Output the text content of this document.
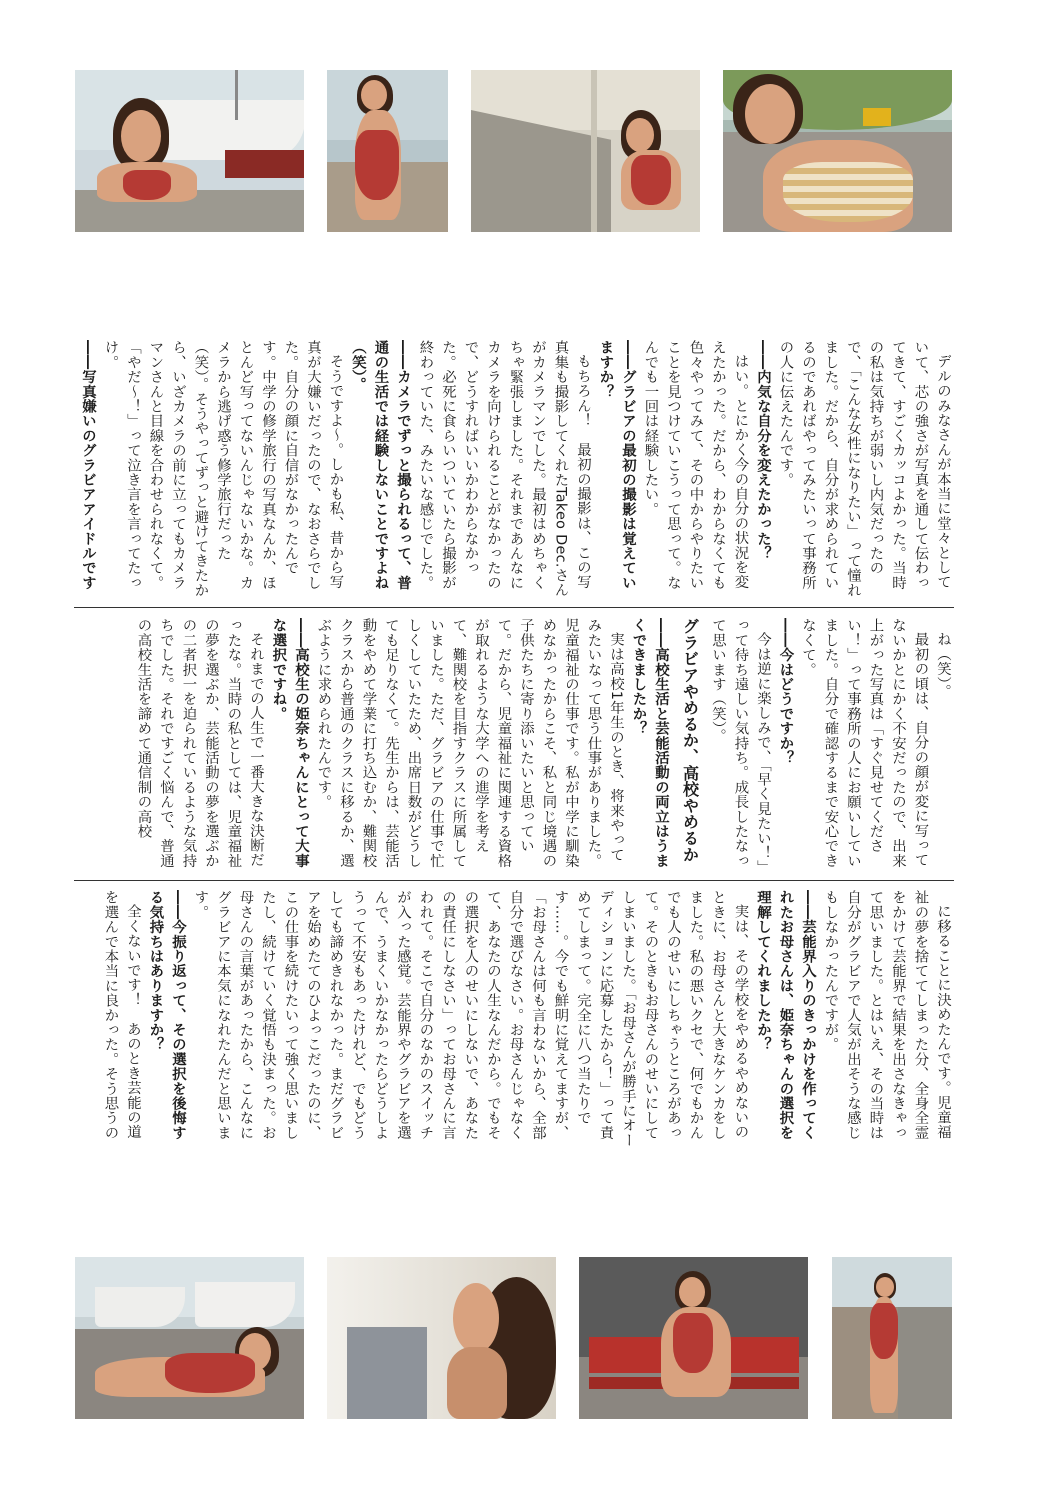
デルのみなさんが本当に堂々としていて、芯の強さが写真を通して伝わってきて、すごくカッコよかった。当時の私は気持ちが弱いし内気だったので、「こんな女性になりたい」って憧れました。だから、自分が求められているのであればやってみたいって事務所の人に伝えたんです。

――内気な自分を変えたかった？

はい。とにかく今の自分の状況を変えたかった。だから、わからなくても色々やってみて、その中からやりたいことを見つけていこうって思って。なんでも一回は経験したい。

――グラビアの最初の撮影は覚えていますか？

もちろん！　最初の撮影は、この写真集も撮影してくれたTakeo Dec.さんがカメラマンでした。最初はめちゃくちゃ緊張しました。それまであんなにカメラを向けられることがなかったので、どうすればいいかわからなかった。必死に食らいついていたら撮影が終わっていた、みたいな感じでした。

――カメラでずっと撮られるって、普通の生活では経験しないことですよね（笑）。

そうですよ～。しかも私、昔から写真が大嫌いだったので、なおさらでした。自分の顔に自信がなかったんです。中学の修学旅行の写真なんか、ほとんど写ってないんじゃないかな。カメラから逃げ惑う修学旅行だった（笑）。そうやってずっと避けてきたから、いざカメラの前に立ってもカメラマンさんと目線を合わせられなくて。「やだ～！」って泣き言を言ってたっけ。

――写真嫌いのグラビアアイドルです

ね（笑）。

最初の頃は、自分の顔が変に写ってないかとにかく不安だったので、出来上がった写真は「すぐ見せてください！」って事務所の人にお願いしていました。自分で確認するまで安心できなくて。

――今はどうですか？

今は逆に楽しみで、「早く見たい！」って待ち遠しい気持ち。成長したなって思います（笑）。

グラビアやめるか、高校やめるか

――高校生活と芸能活動の両立はうまくできましたか？

実は高校1年生のとき、将来やってみたいなって思う仕事がありました。児童福祉の仕事です。私が中学に馴染めなかったからこそ、私と同じ境遇の子供たちに寄り添いたいと思っていて。だから、児童福祉に関連する資格が取れるような大学への進学を考えて、難関校を目指すクラスに所属していました。ただ、グラビアの仕事で忙しくしていたため、出席日数がどうしても足りなくて。先生からは、芸能活動をやめて学業に打ち込むか、難関校クラスから普通のクラスに移るか、選ぶように求められたんです。

――高校生の姫奈ちゃんにとって大事な選択ですね。

それまでの人生で一番大きな決断だったな。当時の私としては、児童福祉の夢を選ぶか、芸能活動の夢を選ぶかの二者択一を迫られているような気持ちでした。それですごく悩んで、普通の高校生活を諦めて通信制の高校

に移ることに決めたんです。児童福祉の夢を捨ててしまった分、全身全霊をかけて芸能界で結果を出さなきゃって思いました。とはいえ、その当時は自分がグラビアで人気が出そうな感じもしなかったんですが。

――芸能界入りのきっかけを作ってくれたお母さんは、姫奈ちゃんの選択を理解してくれましたか？

実は、その学校をやめるやめないのときに、お母さんと大きなケンカをしました。私の悪いクセで、何でもかんでも人のせいにしちゃうところがあって。そのときもお母さんのせいにしてしまいました。「お母さんが勝手にオーディションに応募したから！」って責めてしまって。完全に八つ当たりです……。今でも鮮明に覚えてますが、「お母さんは何も言わないから、全部自分で選びなさい。お母さんじゃなくて、あなたの人生なんだから。でもその選択を人のせいにしないで、あなたの責任にしなさい」ってお母さんに言われて。そこで自分のなかのスイッチが入った感覚。芸能界やグラビアを選んで、うまくいかなかったらどうしようって不安もあったけれど、でもどうしても諦めきれなかった。まだグラビアを始めたてのひよっこだったのに、この仕事を続けたいって強く思いましたし、続けていく覚悟も決まった。お母さんの言葉があったから、こんなにグラビアに本気になれたんだと思います。

――今振り返って、その選択を後悔する気持ちはありますか？

全くないです！　あのとき芸能の道を選んで本当に良かった。そう思うの
